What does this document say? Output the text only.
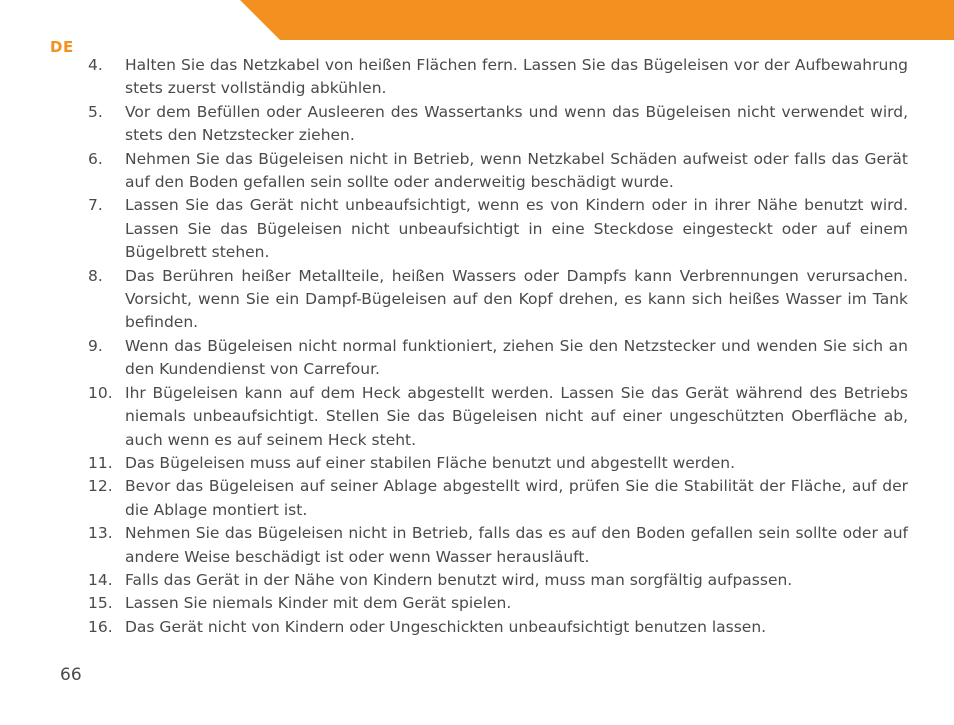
DE
4.	Halten Sie das Netzkabel von heißen Flächen fern. Lassen Sie das Bügeleisen vor der Aufbewahrung stets zuerst vollständig abkühlen.
5.	Vor dem Befüllen oder Ausleeren des Wassertanks und wenn das Bügeleisen nicht verwendet wird, stets den Netzstecker ziehen.
6.	Nehmen Sie das Bügeleisen nicht in Betrieb, wenn Netzkabel Schäden aufweist oder falls das Gerät auf den Boden gefallen sein sollte oder anderweitig beschädigt wurde.
7.	Lassen Sie das Gerät nicht unbeaufsichtigt, wenn es von Kindern oder in ihrer Nähe benutzt wird. Lassen Sie das Bügeleisen nicht unbeaufsichtigt in eine Steckdose eingesteckt oder auf einem Bügelbrett stehen.
8.	Das Berühren heißer Metallteile, heißen Wassers oder Dampfs kann Verbrennungen verursachen. Vorsicht, wenn Sie ein Dampf-Bügeleisen auf den Kopf drehen, es kann sich heißes Wasser im Tank befinden.
9.	Wenn das Bügeleisen nicht normal funktioniert, ziehen Sie den Netzstecker und wenden Sie sich an den Kundendienst von Carrefour.
10. Ihr Bügeleisen kann auf dem Heck abgestellt werden. Lassen Sie das Gerät während des Betriebs niemals unbeaufsichtigt. Stellen Sie das Bügeleisen nicht auf einer ungeschützten Oberfläche ab, auch wenn es auf seinem Heck steht.
11. Das Bügeleisen muss auf einer stabilen Fläche benutzt und abgestellt werden.
12. Bevor das Bügeleisen auf seiner Ablage abgestellt wird, prüfen Sie die Stabilität der Fläche, auf der die Ablage montiert ist.
13. Nehmen Sie das Bügeleisen nicht in Betrieb, falls das es auf den Boden gefallen sein sollte oder auf andere Weise beschädigt ist oder wenn Wasser herausläuft.
14. Falls das Gerät in der Nähe von Kindern benutzt wird, muss man sorgfältig aufpassen.
15. Lassen Sie niemals Kinder mit dem Gerät spielen.
16. Das Gerät nicht von Kindern oder Ungeschickten unbeaufsichtigt benutzen lassen.
66
